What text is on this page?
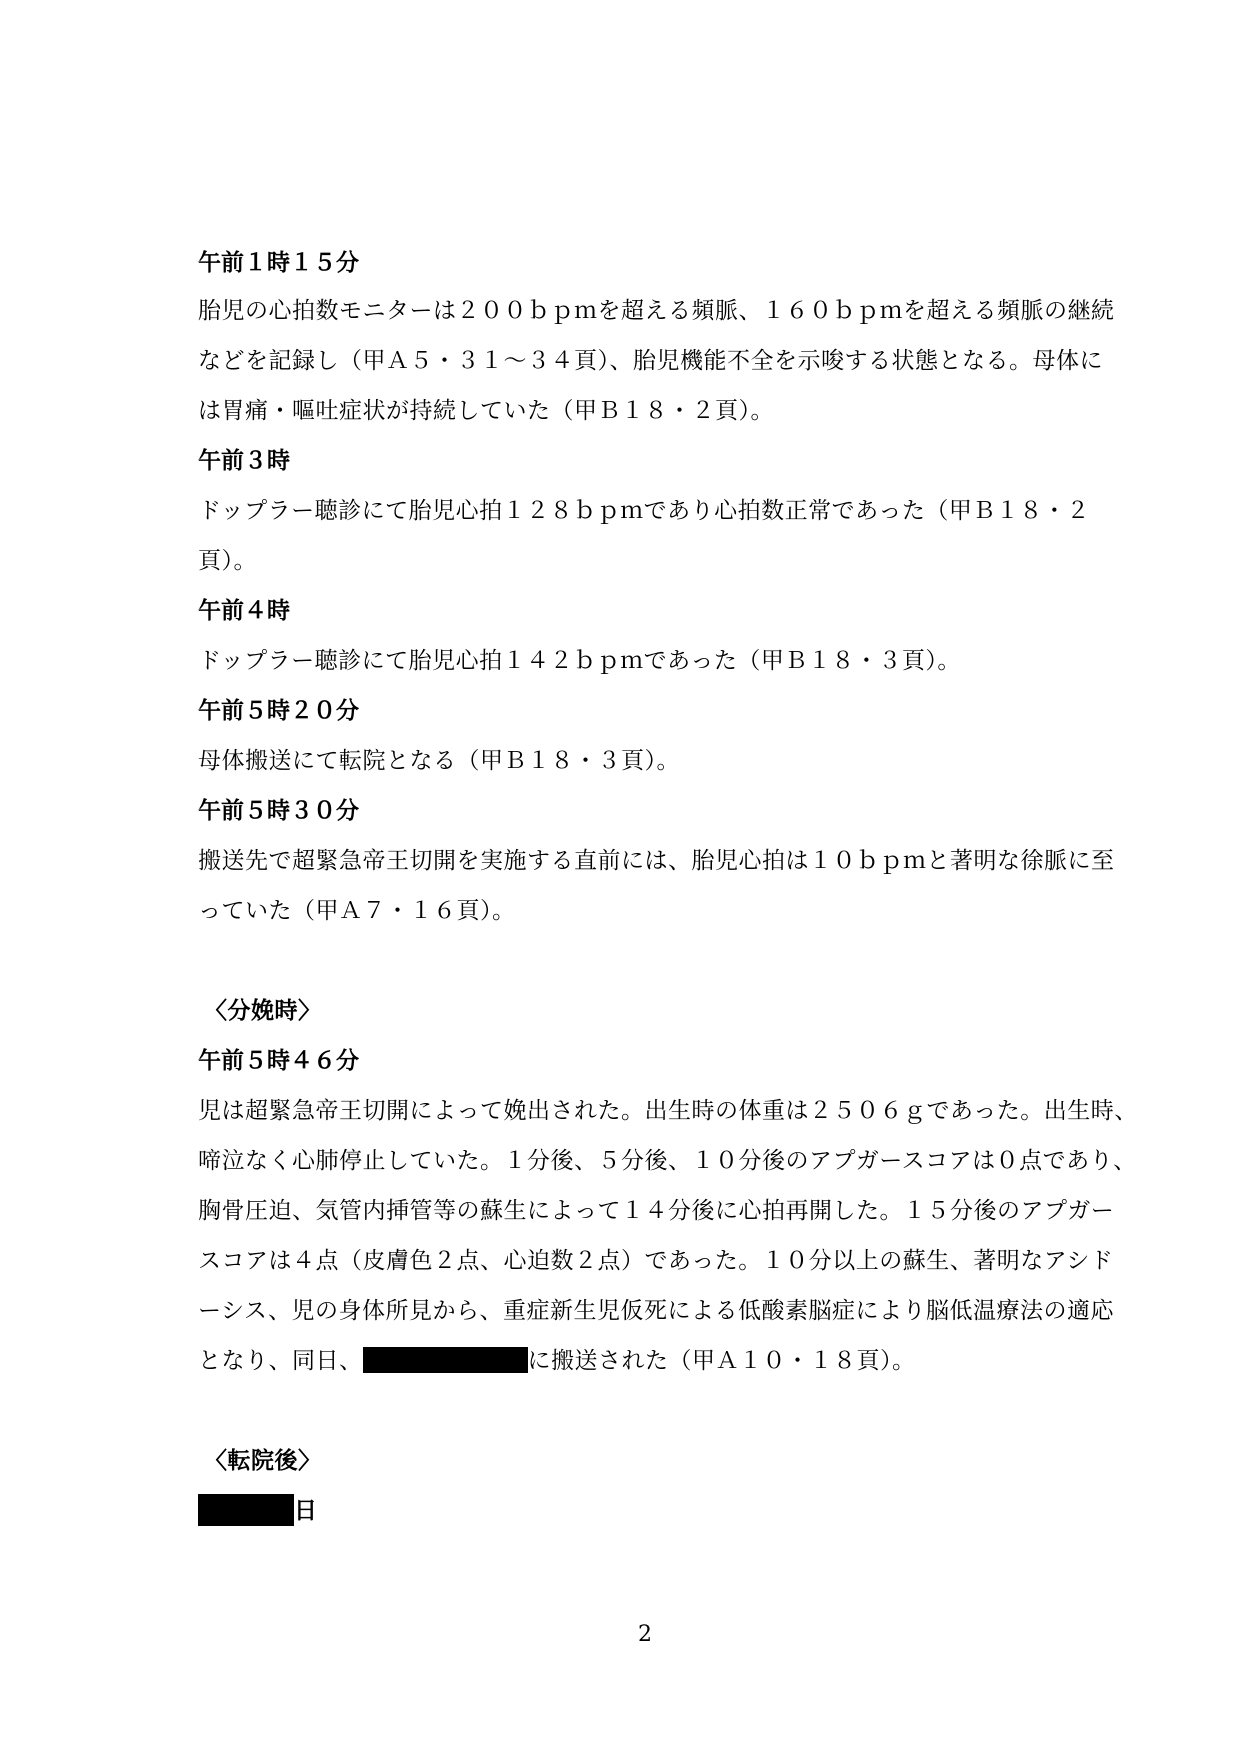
午前１時１５分
胎児の心拍数モニターは２００ｂｐｍを超える頻脈、１６０ｂｐｍを超える頻脈の継続
などを記録し（甲Ａ５・３１〜３４頁）、胎児機能不全を示唆する状態となる。母体に
は胃痛・嘔吐症状が持続していた（甲Ｂ１８・２頁）。
午前３時
ドップラー聴診にて胎児心拍１２８ｂｐｍであり心拍数正常であった（甲Ｂ１８・２
頁）。
午前４時
ドップラー聴診にて胎児心拍１４２ｂｐｍであった（甲Ｂ１８・３頁）。
午前５時２０分
母体搬送にて転院となる（甲Ｂ１８・３頁）。
午前５時３０分
搬送先で超緊急帝王切開を実施する直前には、胎児心拍は１０ｂｐｍと著明な徐脈に至
っていた（甲Ａ７・１６頁）。
〈分娩時〉
午前５時４６分
児は超緊急帝王切開によって娩出された。出生時の体重は２５０６ｇであった。出生時、
啼泣なく心肺停止していた。１分後、５分後、１０分後のアプガースコアは０点であり、
胸骨圧迫、気管内挿管等の蘇生によって１４分後に心拍再開した。１５分後のアプガー
スコアは４点（皮膚色２点、心迫数２点）であった。１０分以上の蘇生、著明なアシド
ーシス、児の身体所見から、重症新生児仮死による低酸素脳症により脳低温療法の適応
となり、同日、	に搬送された（甲Ａ１０・１８頁）。
〈転院後〉
日
2
